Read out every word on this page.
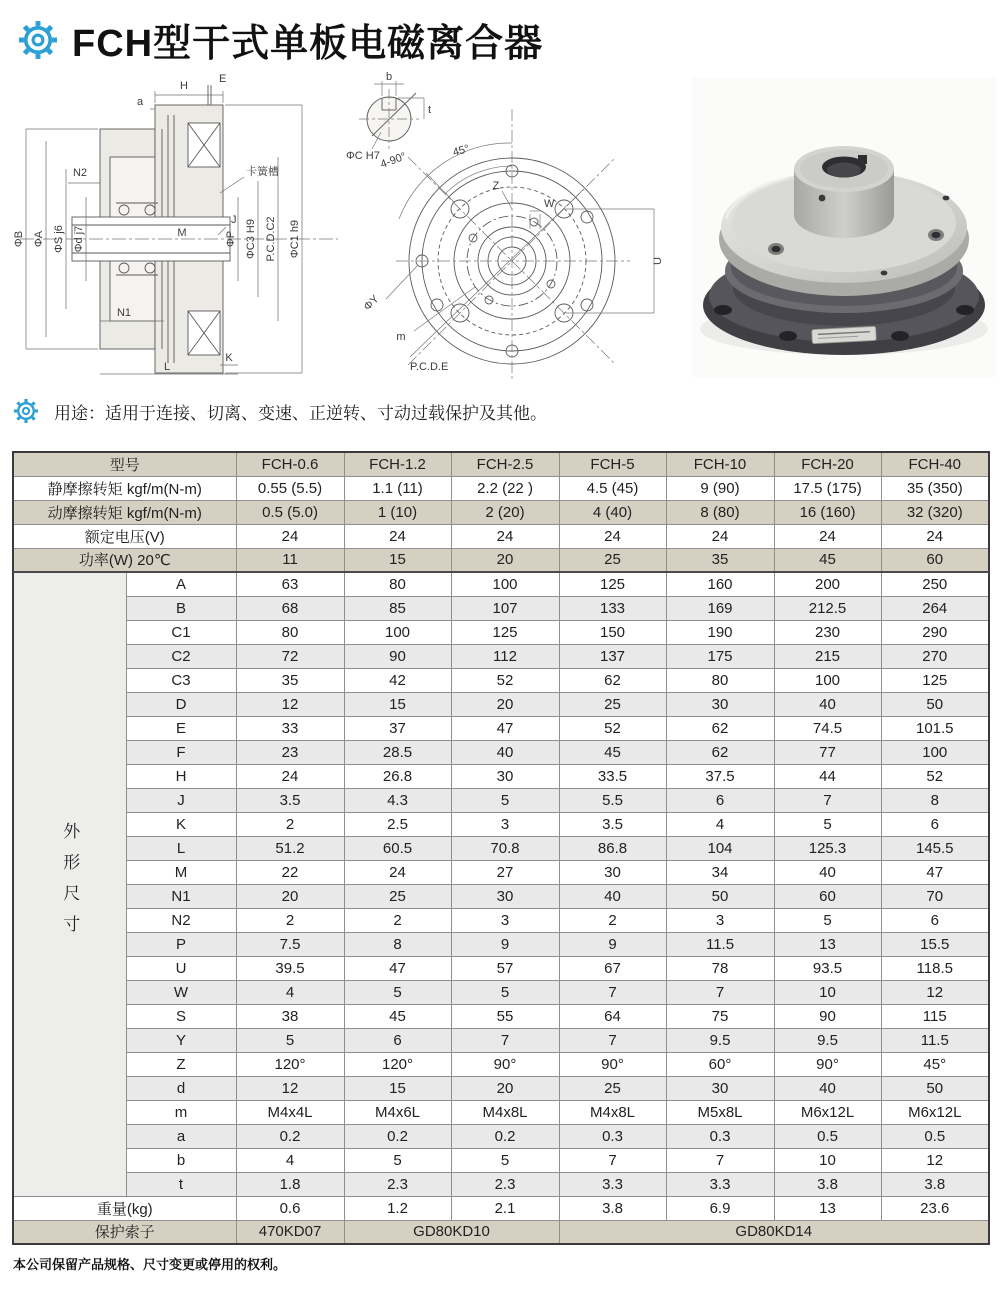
FCH型干式单板电磁离合器
H
a
E
N2
N1
K
L
M
J
ΦB ΦA ΦS j6 Φd j7	ΦP ΦC3 H9 P.C.D.C2 ΦC1 h9
卡簧槽
b
t
ΦC H7 4-90°	45°
Z
W
U
ΦY
m
P.C.D.E
用途：适用于连接、切离、变速、正逆转、寸动过载保护及其他。
型号		FCH-0.6	FCH-1.2	FCH-2.5	FCH-5	FCH-10	FCH-20	FCH-40
静摩擦转矩 kgf/m(N-m)		0.55 (5.5)	1.1 (11)	2.2 (22 )	4.5 (45)	9 (90)	17.5 (175)	35 (350)
动摩擦转矩 kgf/m(N-m)		0.5 (5.0)	1 (10)	2 (20)	4 (40)	8 (80)	16 (160)	32 (320)
额定电压(V)		24	24	24	24	24	24	24
功率(W) 20℃		11	15	20	25	35	45	60
外形尺寸	A	63	80	100	125	160	200	250
	B	68	85	107	133	169	212.5	264
	C1	80	100	125	150	190	230	290
	C2	72	90	112	137	175	215	270
	C3	35	42	52	62	80	100	125
	D	12	15	20	25	30	40	50
	E	33	37	47	52	62	74.5	101.5
	F	23	28.5	40	45	62	77	100
	H	24	26.8	30	33.5	37.5	44	52
	J	3.5	4.3	5	5.5	6	7	8
	K	2	2.5	3	3.5	4	5	6
	L	51.2	60.5	70.8	86.8	104	125.3	145.5
	M	22	24	27	30	34	40	47
	N1	20	25	30	40	50	60	70
	N2	2	2	3	2	3	5	6
	P	7.5	8	9	9	11.5	13	15.5
	U	39.5	47	57	67	78	93.5	118.5
	W	4	5	5	7	7	10	12
	S	38	45	55	64	75	90	115
	Y	5	6	7	7	9.5	9.5	11.5
	Z	120°	120°	90°	90°	60°	90°	45°
	d	12	15	20	25	30	40	50
	m	M4x4L	M4x6L	M4x8L	M4x8L	M5x8L	M6x12L	M6x12L
	a	0.2	0.2	0.2	0.3	0.3	0.5	0.5
	b	4	5	5	7	7	10	12
	t	1.8	2.3	2.3	3.3	3.3	3.8	3.8
重量(kg)		0.6	1.2	2.1	3.8	6.9	13	23.6
保护索子		470KD07	GD80KD10		GD80KD14			
本公司保留产品规格、尺寸变更或停用的权利。
